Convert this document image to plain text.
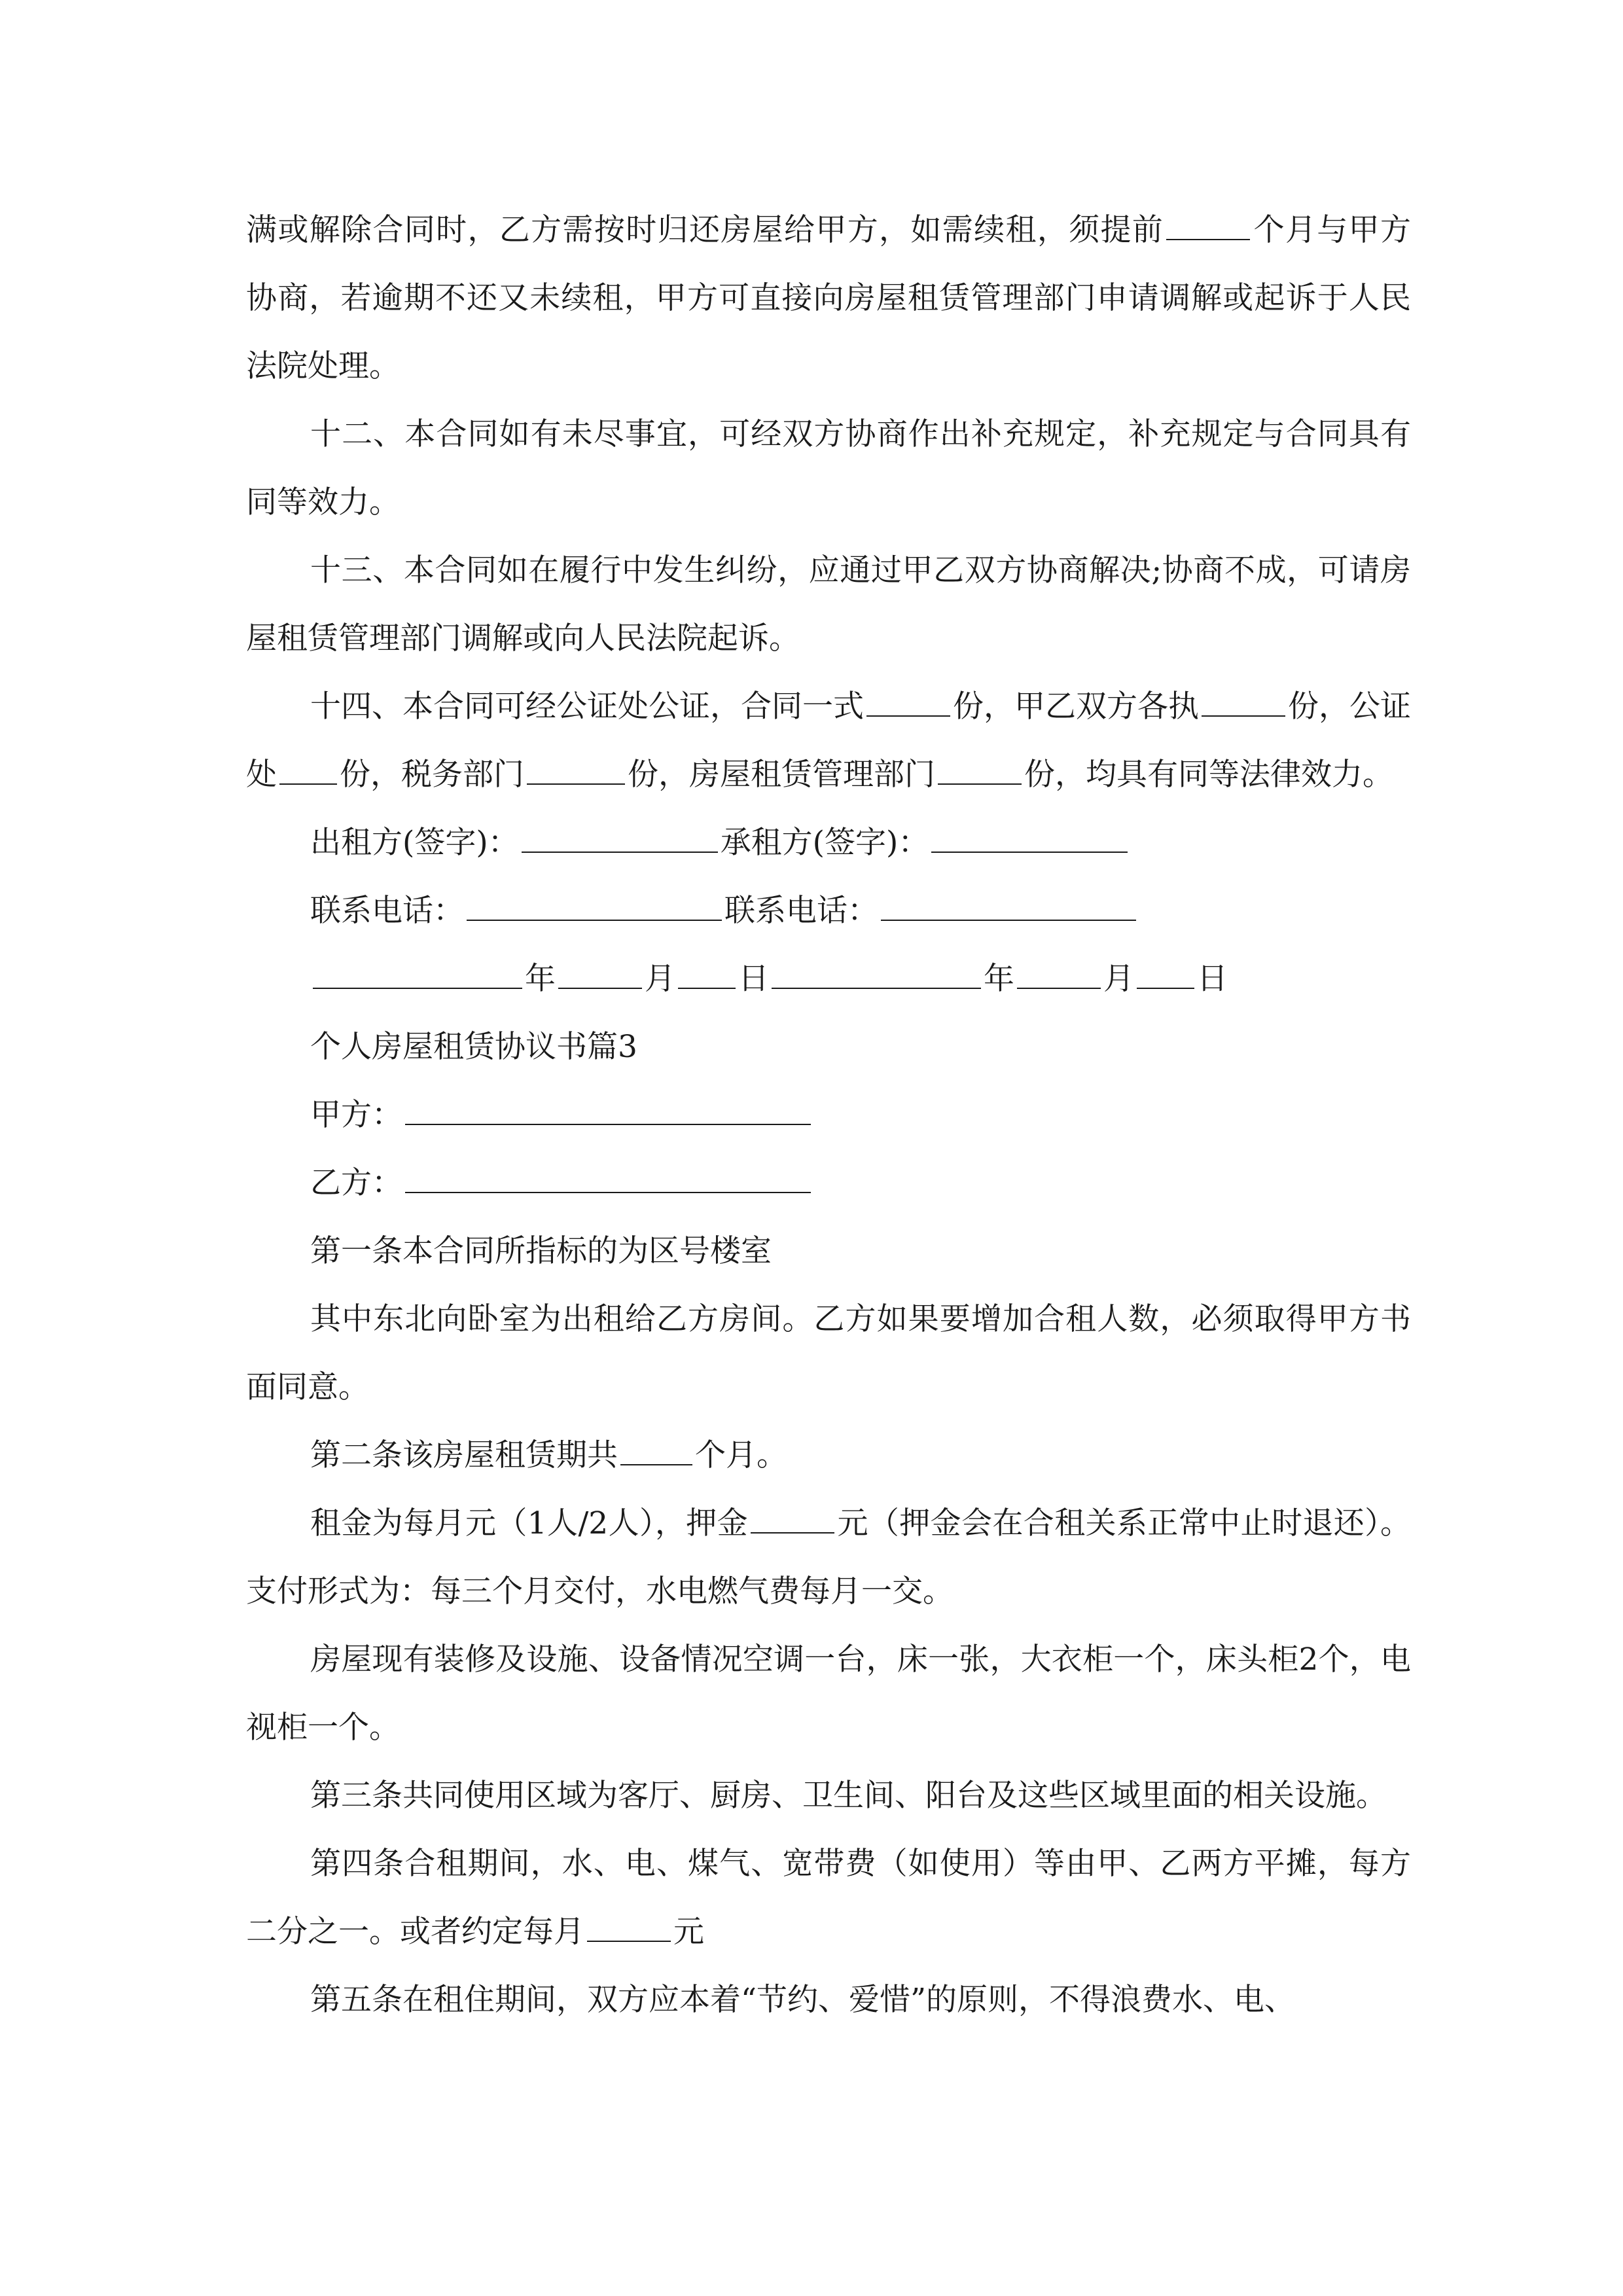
满或解除合同时，乙方需按时归还房屋给甲方，如需续租，须提前	个月与甲方协商，若逾期不还又未续租，甲方可直接向房屋租赁管理部门申请调解或起诉于人民法院处理。

十二、本合同如有未尽事宜，可经双方协商作出补充规定，补充规定与合同具有同等效力。

十三、本合同如在履行中发生纠纷，应通过甲乙双方协商解决;协商不成，可请房屋租赁管理部门调解或向人民法院起诉。

十四、本合同可经公证处公证，合同一式	份，甲乙双方各执	份，公证处 份，税务部门	份，房屋租赁管理部门	份，均具有同等法律效力。

出租方(签字)：	承租方(签字)：

联系电话：	联系电话：

年	月 日	年	月 日

个人房屋租赁协议书篇3

甲方：

乙方：

第一条本合同所指标的为区号楼室

其中东北向卧室为出租给乙方房间。乙方如果要增加合租人数，必须取得甲方书面同意。

第二条该房屋租赁期共	个月。

租金为每月元（1人/2人），押金	元（押金会在合租关系正常中止时退还）。支付形式为：每三个月交付，水电燃气费每月一交。

房屋现有装修及设施、设备情况空调一台，床一张，大衣柜一个，床头柜2个，电视柜一个。

第三条共同使用区域为客厅、厨房、卫生间、阳台及这些区域里面的相关设施。

第四条合租期间，水、电、煤气、宽带费（如使用）等由甲、乙两方平摊，每方二分之一。或者约定每月	元

第五条在租住期间，双方应本着“节约、爱惜”的原则，不得浪费水、电、
